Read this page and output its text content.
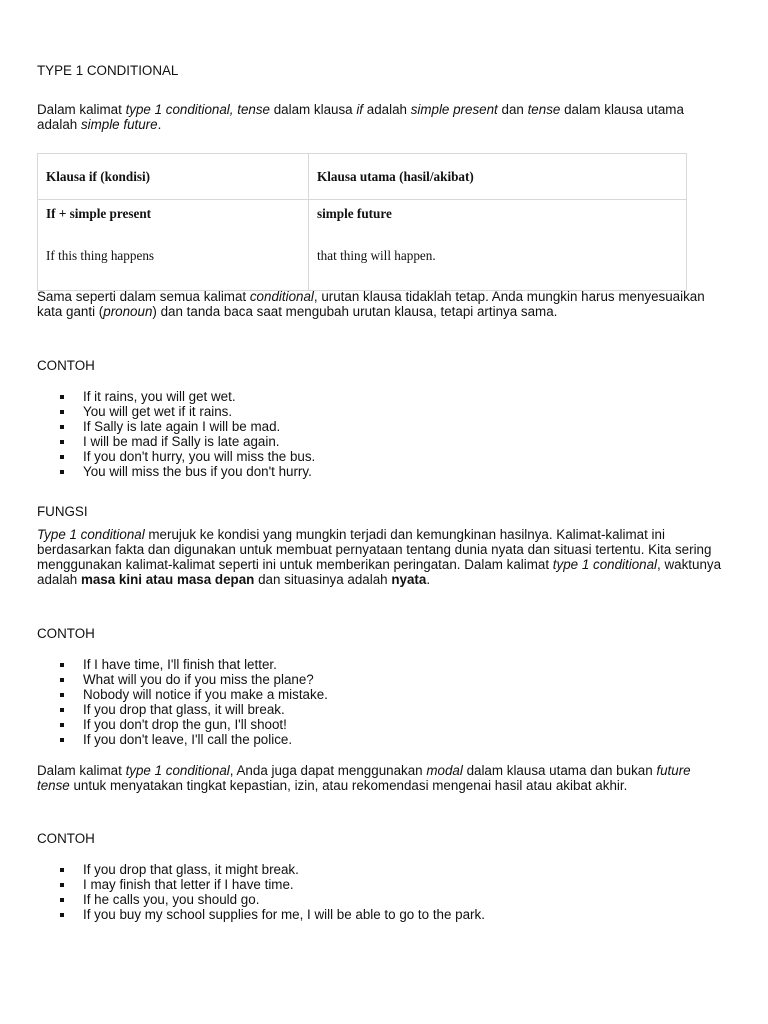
TYPE 1 CONDITIONAL

Dalam kalimat type 1 conditional, tense dalam klausa if adalah simple present dan tense dalam klausa utama adalah simple future.

Klausa if (kondisi)	Klausa utama (hasil/akibat)
If + simple present	simple future
If this thing happens	that thing will happen.

Sama seperti dalam semua kalimat conditional, urutan klausa tidaklah tetap. Anda mungkin harus menyesuaikan kata ganti (pronoun) dan tanda baca saat mengubah urutan klausa, tetapi artinya sama.

CONTOH
If it rains, you will get wet.
You will get wet if it rains.
If Sally is late again I will be mad.
I will be mad if Sally is late again.
If you don't hurry, you will miss the bus.
You will miss the bus if you don't hurry.
FUNGSI

Type 1 conditional merujuk ke kondisi yang mungkin terjadi dan kemungkinan hasilnya. Kalimat-kalimat ini berdasarkan fakta dan digunakan untuk membuat pernyataan tentang dunia nyata dan situasi tertentu. Kita sering menggunakan kalimat-kalimat seperti ini untuk memberikan peringatan. Dalam kalimat type 1 conditional, waktunya adalah masa kini atau masa depan dan situasinya adalah nyata.

CONTOH
If I have time, I'll finish that letter.
What will you do if you miss the plane?
Nobody will notice if you make a mistake.
If you drop that glass, it will break.
If you don't drop the gun, I'll shoot!
If you don't leave, I'll call the police.

Dalam kalimat type 1 conditional, Anda juga dapat menggunakan modal dalam klausa utama dan bukan future tense untuk menyatakan tingkat kepastian, izin, atau rekomendasi mengenai hasil atau akibat akhir.

CONTOH
If you drop that glass, it might break.
I may finish that letter if I have time.
If he calls you, you should go.
If you buy my school supplies for me, I will be able to go to the park.
